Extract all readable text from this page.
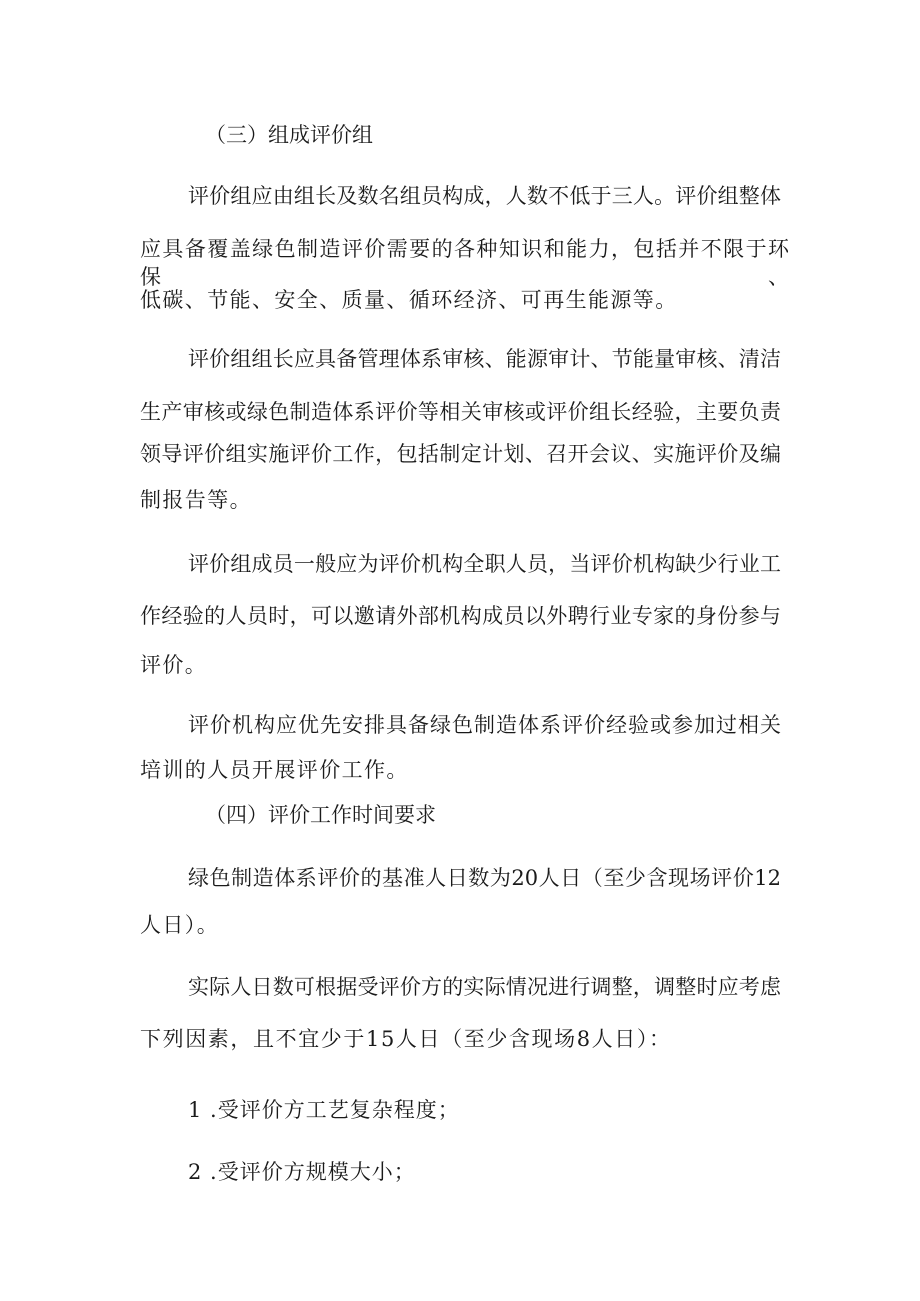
（三）组成评价组
评价组应由组长及数名组员构成，人数不低于三人。评价组整体
应具备覆盖绿色制造评价需要的各种知识和能力，包括并不限于环保、
低碳、节能、安全、质量、循环经济、可再生能源等。
评价组组长应具备管理体系审核、能源审计、节能量审核、清洁
生产审核或绿色制造体系评价等相关审核或评价组长经验，主要负责
领导评价组实施评价工作，包括制定计划、召开会议、实施评价及编
制报告等。
评价组成员一般应为评价机构全职人员，当评价机构缺少行业工
作经验的人员时，可以邀请外部机构成员以外聘行业专家的身份参与
评价。
评价机构应优先安排具备绿色制造体系评价经验或参加过相关
培训的人员开展评价工作。
（四）评价工作时间要求
绿色制造体系评价的基准人日数为20人日（至少含现场评价12
人日）。
实际人日数可根据受评价方的实际情况进行调整，调整时应考虑
下列因素，且不宜少于15人日（至少含现场8人日）：
1 .受评价方工艺复杂程度；
2 .受评价方规模大小；
